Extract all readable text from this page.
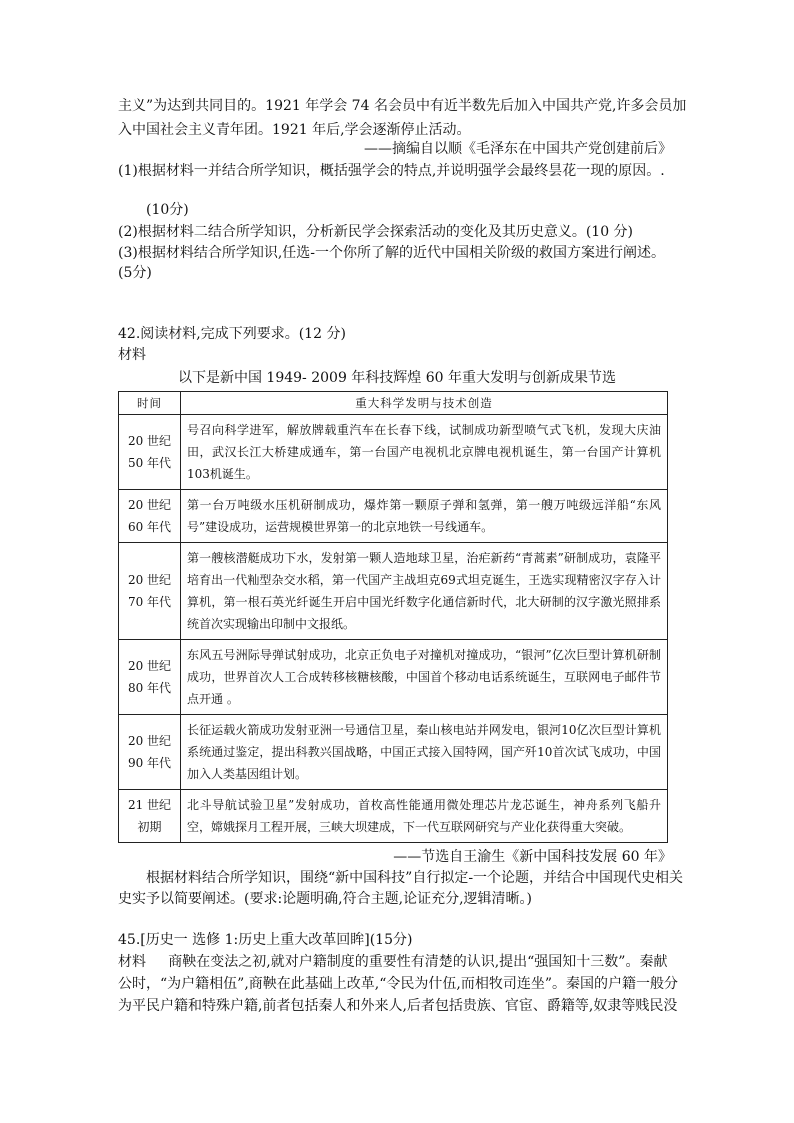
主义”为达到共同目的。1921 年学会 74 名会员中有近半数先后加入中国共产党,许多会员加
入中国社会主义青年团。1921 年后,学会逐渐停止活动。
——摘编自以顺《毛泽东在中国共产党创建前后》
(1)根据材料一并结合所学知识，概括强学会的特点,并说明强学会最终昙花一现的原因。.
(10分)
(2)根据材料二结合所学知识，分析新民学会探索活动的变化及其历史意义。(10 分)
(3)根据材料结合所学知识,任选-一个你所了解的近代中国相关阶级的救国方案进行阐述。
(5分)
42.阅读材料,完成下列要求。(12 分)
材料
以下是新中国 1949- 2009 年科技辉煌 60 年重大发明与创新成果节选
时间	重大科学发明与技术创造
20 世纪
50 年代	号召向科学进军，解放牌载重汽车在长春下线，试制成功新型喷气式飞机，发现大庆油田，武汉长江大桥建成通车，第一台国产电视机北京牌电视机诞生，第一台国产计算机103机诞生。
20 世纪
60 年代	第一台万吨级水压机研制成功，爆炸第一颗原子弹和氢弹，第一艘万吨级远洋船“东风号”建设成功，运营规模世界第一的北京地铁一号线通车。
20 世纪
70 年代	第一艘核潜艇成功下水，发射第一颗人造地球卫星，治疟新药“青蒿素”研制成功，袁隆平培育出一代籼型杂交水稻，第一代国产主战坦克69式坦克诞生，王选实现精密汉字存入计算机，第一根石英光纤诞生开启中国光纤数字化通信新时代，北大研制的汉字激光照排系统首次实现输出印制中文报纸。
20 世纪
80 年代	东风五号洲际导弹试射成功，北京正负电子对撞机对撞成功，“银河”亿次巨型计算机研制成功，世界首次人工合成转移核糖核酸，中国首个移动电话系统诞生，互联网电子邮件节点开通 。
20 世纪
90 年代	长征运载火箭成功发射亚洲一号通信卫星，秦山核电站并网发电，银河10亿次巨型计算机系统通过鉴定，提出科教兴国战略，中国正式接入国特网，国产歼10首次试飞成功，中国加入人类基因组计划。
21 世纪
初期	北斗导航试验卫星”发射成功，首枚高性能通用微处理芯片龙芯诞生，神舟系列飞船升空，嫦娥探月工程开展，三峡大坝建成，下一代互联网研究与产业化获得重大突破。
——节选自王渝生《新中国科技发展 60 年》
根据材料结合所学知识，围绕“新中国科技”自行拟定-一个论题，并结合中国现代史相关
史实予以简要阐述。(要求:论题明确,符合主题,论证充分,逻辑清晰。)
45.[历史一 选修 1:历史上重大改革回眸](15分)
材料     商鞅在变法之初,就对户籍制度的重要性有清楚的认识,提出“强国知十三数”。秦献
公时，“为户籍相伍”,商鞅在此基础上改革,“令民为什伍,而相牧司连坐”。秦国的户籍一般分
为平民户籍和特殊户籍,前者包括秦人和外来人,后者包括贵族、官宦、爵籍等,奴隶等贱民没
